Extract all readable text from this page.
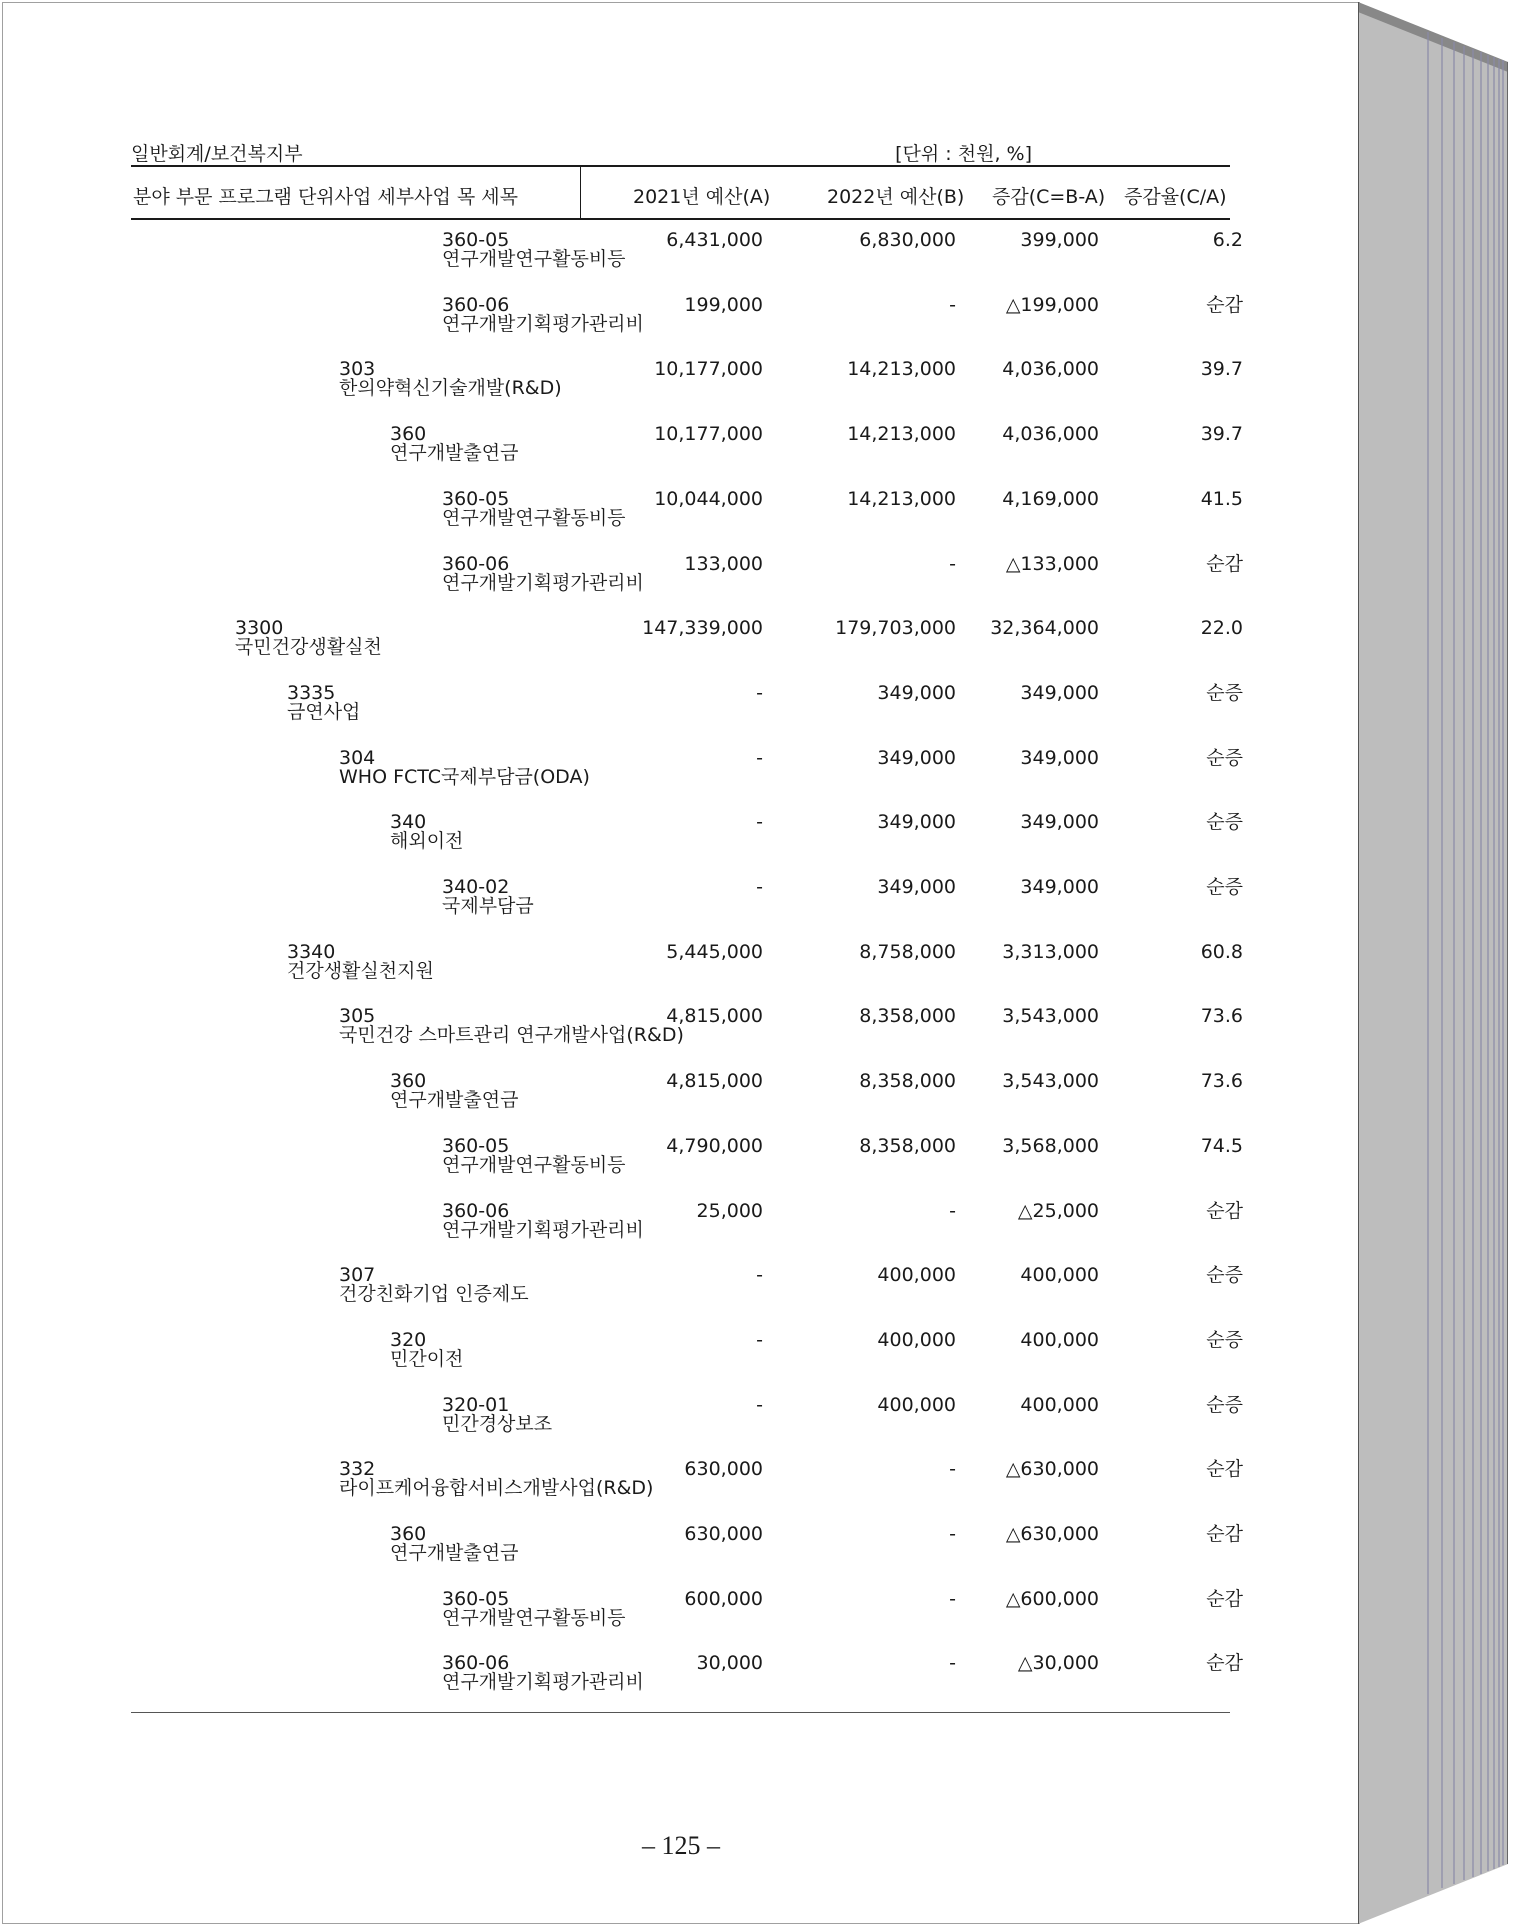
일반회계/보건복지부	[단위 : 천원, %]
분야 부문 프로그램 단위사업 세부사업 목 세목	2021년 예산(A)	2022년 예산(B) 증감(C=B-A) 증감율(C/A)
360-05
연구개발연구활동비등
6,431,000	6,830,000	399,000	6.2
360-06
연구개발기획평가관리비
199,000	-	△199,000	순감
303
한의약혁신기술개발(R&D)
10,177,000	14,213,000 4,036,000	39.7
360
연구개발출연금
10,177,000	14,213,000 4,036,000	39.7
360-05
연구개발연구활동비등
10,044,000	14,213,000 4,169,000	41.5
360-06
연구개발기획평가관리비
133,000	-	△133,000	순감
3300
국민건강생활실천
147,339,000	179,703,000 32,364,000	22.0
3335
금연사업
-	349,000	349,000	순증
304
WHO FCTC국제부담금(ODA)
-	349,000	349,000	순증
340
해외이전
-	349,000	349,000	순증
340-02
국제부담금
-	349,000	349,000	순증
3340
건강생활실천지원
5,445,000	8,758,000 3,313,000	60.8
305
국민건강 스마트관리 연구개발사업(R&D)
4,815,000	8,358,000 3,543,000	73.6
360
연구개발출연금
4,815,000	8,358,000 3,543,000	73.6
360-05
연구개발연구활동비등
4,790,000	8,358,000 3,568,000	74.5
360-06
연구개발기획평가관리비
25,000	-	△25,000	순감
307
건강친화기업 인증제도
-	400,000	400,000	순증
320
민간이전
-	400,000	400,000	순증
320-01
민간경상보조
-	400,000	400,000	순증
332
라이프케어융합서비스개발사업(R&D)
630,000	-	△630,000	순감
360
연구개발출연금
630,000	-	△630,000	순감
360-05
연구개발연구활동비등
600,000	-	△600,000	순감
360-06
연구개발기획평가관리비
30,000	-	△30,000	순감
– 125 –
